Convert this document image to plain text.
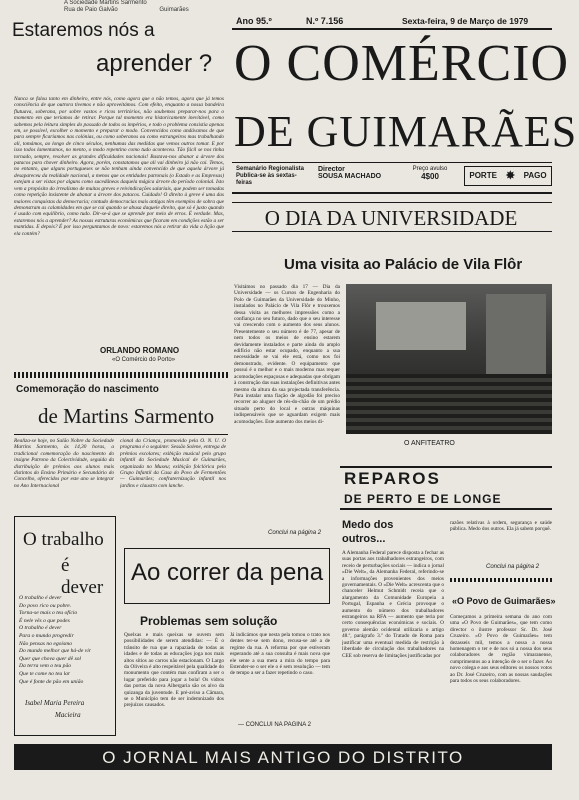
A Sociedade Martins Sarmento
Rua de Paio Galvão	Guimarães
Ano 95.º	N.º 7.156	Sexta-feira, 9 de Março de 1979
O COMÉRCIO
DE GUIMARÃES
Semanário Regionalista
Publica-se às sextas-feiras
Director
SOUSA MACHADO
Preço avulso
4$00	PORTE ✸ PAGO
Estaremos nós a
aprender ?
Nunca se falou tanto em dinheiro, entre nós, como agora que o não temos, agora que já temos consciência de que outrora tivemos e não aproveitámos. Com efeito, enquanto a nossa bandeira flutuava, soberana, por sobre vastos e ricos territórios, não soubemos preparar-nos para o momento em que teríamos de retirar. Porque tal momento era historicamente inevitável, como sabemos pela leitura simples do passado de todos os impérios, e todo o problema consistia apenas em, se possível, escolher o momento e preparar o modo. Convencidos como andávamos de que para sempre ficaríamos nas colónias, ou como soberanos ou como estrangeiros mas trabalhando ali, tomámos, ao longo de cinco séculos, nenhumas das medidas que vemos outros tomar. E por isso todos lamentamos, no mento, o modo repentino como tudo aconteceu. Tão fácil se nos tinha tornado, sempre, resolver as grandes dificuldades nacionais! Bastava-nos abanar a árvore dos patacos para chover dinheiro. Agora, porém, constatamos que ali vai dinheiro já não cai. Temos, no entanto, que alguns portugueses se não tenham ainda convencido de que aquela árvore já desapareceu da realidade nacional, a menos que os entidades patronais (o Estado e as Empresas) estejam a ser vistas por alguns como sucedâneas daquela mágica árvore do período colonial. Isto vem a propósito do irrealismo de muitas greves e reivindicações salariais, que podem ser tomadas como repetição insistente de abanar a árvore dos patacos. Cuidado! O direito à greve é uma das maiores conquistas da democracia; contudo democracias mais antigas têm exemplos de sobra que demonstram as calamidades em que se cai quando se abusa daquele direito, que só é justo quando é usado com equilíbrio, como tudo. Dir-se-á que se aprende por meio de erros. É verdade. Mas, estaremos nós a aprender? As nossas estruturas económicas que ficaram em condições estão a ser mantidas. E depois? É por isso perguntamos de novo: estaremos nós a retirar da vida a lição que ela contém?
ORLANDO ROMANO
«O Comércio do Porto»
Comemoração do nascimento
de Martins Sarmento
Realiza-se hoje, no Salão Nobre da Sociedade Martins Sarmento, às 14,30 horas, a tradicional comemoração do nascimento do insigne Patrono da Colectividade, seguida da distribuição de prémios aos alunos mais distintos do Ensino Primário e Secundário do Concelho, oferecidos por este ano se integrar no Ano Internacional
cional da Criança, promovido pela O. N. U. O programa é o seguinte: Sessão Solene, entrega de prémios escolares; exibição musical pelo grupo infantil da Sociedade Musical de Guimarães, organizada no Museu; exibição folclórica pelo Grupo Infantil da Casa do Povo de Fermentões — Guimarães; confraternização infantil nos jardins e claustro com lanche.
O trabalho
é dever
O trabalho é dever
Do povo rico ou pobre.
Torna-se mais o teu ofício
É nele vês o que podes
O trabalho é dever
Para o mundo progredir
Não pensas no egoísmo
Do mundo melhor que há-de vir
Quer que chova quer dê sol
Da terra vem o teu pão
Que te come no teu lar
Que é fonte de pão em união
Isabel Maria Pereira
Macieira
Ao correr da pena
Problemas sem solução
Quelxas e mais queixas se ouvem sem possibilidades de serem atendidas: — É o trânsito de rua que a rapaziada de todas as idades e de todas as educações joga nos mais altos sítios ao carros não estacionam. O Largo da Oliveira é alto respeitável pela qualidade do monumento que contém mas confiram a ser o lugar preferido para jogar a bola! Os vidros das portas da nova Albergaria são os alvo da quizanga da juventude. E pré-aviso a Câmara, se o Município tem de ser indemnizado dos prejuízos causados.
Já indicámos que nesta pela tomou o trato nos dentes ter-se sem dono, recusa-se até a de regime da rua. A reforma por que estiveram esperando até a sua consulta é mais nova que ele sente a sua mera a mira do tempo para Estender-se o ser ele o é sem resolução — tem de tempo a ser a fazer repetindo o caso.
— CONCLUI NA PAGINA 2
O DIA DA UNIVERSIDADE
Uma visita ao Palácio de Vila Flôr
Visitámos no passado dia 17 — Dia da Universidade — os Cursos de Engenharia do Polo de Guimarães da Universidade do Minho, instalados no Palácio de Vila Flôr e trouxemos dessa visita as melhores impressões como a confiança no seu futuro, dado que o seu interesse vai crescendo com o aumento dos seus alunos. Presentemente o seu número é de 77, apesar de nem todos os meios de ensino estarem devidamente instalados e parte ainda do amplo edifício não estar ocupado, enquanto a sua necessidade se vai ele está, como nos foi demonstrado, evidente. O equipamento que possui é o melhor e o mais moderno mas requer acomodações espaçosas e adequadas que obrigam à construção das suas instalações definitivas antes mesmo da altura da sua projectada transferência. Para instalar uma fiação de algodão foi preciso recorrer ao aluguer de rés-do-chão de um prédio situado perto do local e outras máquinas indispensáveis que se aguardam exigem mais acomodações. Este aumento dos meios di-
O ANFITEATRO
Conclui na página 2
REPAROS
DE PERTO E DE LONGE
Medo dos outros...
A Alemanha Federal parece disposta a fechar as suas portas aos trabalhadores estrangeiros, com receio de perturbações sociais — indica o jornal «Die Welt», da Alemanha Federal, referindo-se a informações provenientes dos meios governamentais. O «Die Welt» acrescenta que o chanceler Helmut Schmidt receia que o alargamento da Comunidade Europeia a Portugal, Espanha e Grécia provoque o aumento do número dos trabalhadores estrangeiros na RFA — aumento que teria por certo consequências económicas e sociais. O governo alemão ocidental utilizaria o artigo 48.º, parágrafo 3.º do Tratado de Roma para justificar uma eventual medida de restrição à liberdade de circulação dos trabalhadores na CEE sob reserva de limitações justificadas por
razões relativas à ordem, segurança e saúde pública. Medo dos outros. Ela já sabem porquê.
Conclui na página 2
«O Povo de Guimarães»
Começamos a primeira semana do ano com uma «O Povo de Guimarães», que tem como director o ilustre professor Sr. Dr. José Cruzeiro. «O Povo de Guimarães» tem dezasseis mil, temos a nossa a nossa homenagem o ter e de nos só a nossa dos seus colaboradores de região vimaranense, cumprimentos ao a intenção de o ser o fazer. Ao novo colega e aos seus editores os nossos votos ao Dr. José Cruzeiro, com as nossas saudações para todos os seus colaboradores.
O JORNAL MAIS ANTIGO DO DISTRITO
